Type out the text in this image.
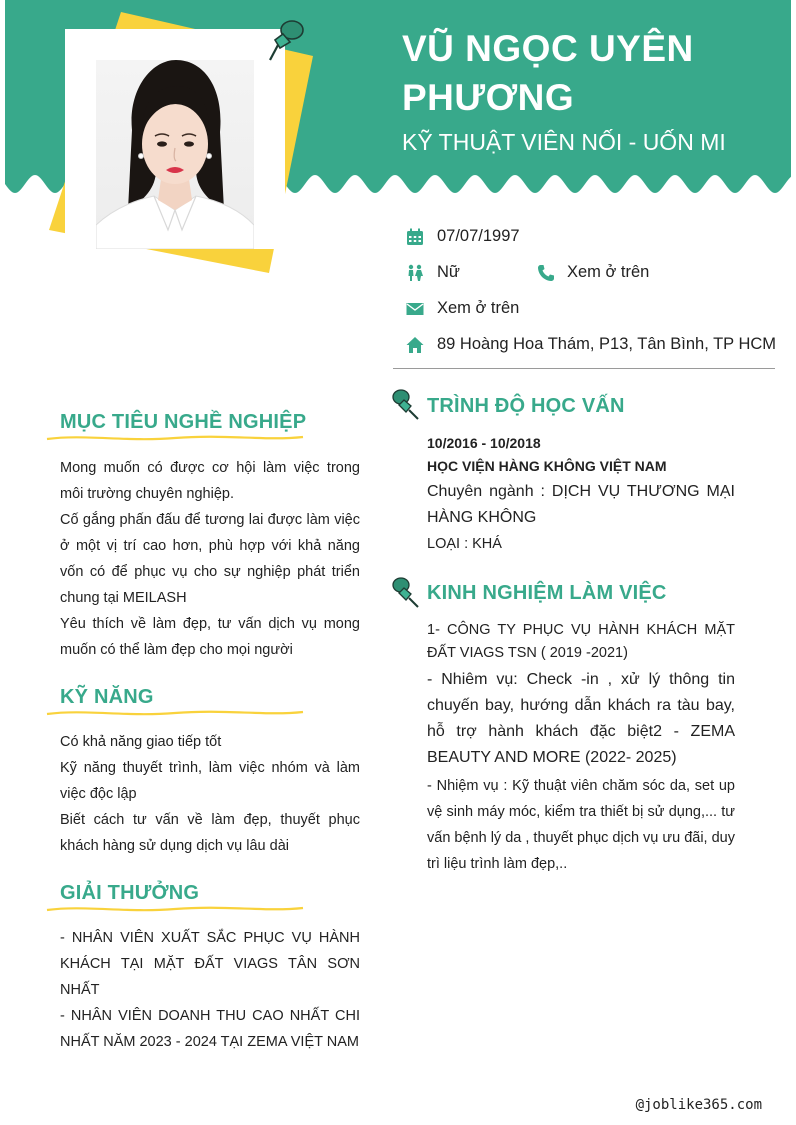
VŨ NGỌC UYÊN
PHƯƠNG
KỸ THUẬT VIÊN NỐI - UỐN MI
07/07/1997
Nữ	Xem ở trên
Xem ở trên
89 Hoàng Hoa Thám, P13, Tân Bình, TP HCM
MỤC TIÊU NGHỀ NGHIỆP

Mong muốn có được cơ hội làm việc trong môi trường chuyên nghiệp.

Cố gắng phấn đấu để tương lai được làm việc ở một vị trí cao hơn, phù hợp với khả năng vốn có để phục vụ cho sự nghiệp phát triển chung tại MEILASH

Yêu thích về làm đẹp, tư vấn dịch vụ mong muốn có thể làm đẹp cho mọi người

KỸ NĂNG

Có khả năng giao tiếp tốt

Kỹ năng thuyết trình, làm việc nhóm và làm việc độc lập

Biết cách tư vấn về làm đẹp, thuyết phục khách hàng sử dụng dịch vụ lâu dài

GIẢI THƯỞNG

- NHÂN VIÊN XUẤT SẮC PHỤC VỤ HÀNH KHÁCH TẠI MẶT ĐẤT VIAGS TÂN SƠN NHẤT

- NHÂN VIÊN DOANH THU CAO NHẤT CHI NHẤT NĂM 2023 - 2024 TẠI ZEMA VIỆT NAM

TRÌNH ĐỘ HỌC VẤN
10/2016 - 10/2018
HỌC VIỆN HÀNG KHÔNG VIỆT NAM

Chuyên ngành : DỊCH VỤ THƯƠNG MẠI HÀNG KHÔNG

LOẠI : KHÁ
KINH NGHIỆM LÀM VIỆC

1- CÔNG TY PHỤC VỤ HÀNH KHÁCH MẶT ĐẤT VIAGS TSN ( 2019 -2021)

- Nhiêm vụ: Check -in , xử lý thông tin chuyến bay, hướng dẫn khách ra tàu bay, hỗ trợ hành khách đặc biệt2 - ZEMA BEAUTY AND MORE (2022- 2025)

- Nhiệm vụ : Kỹ thuật viên chăm sóc da, set up vệ sinh máy móc, kiểm tra thiết bị sử dụng,... tư vấn bệnh lý da , thuyết phục dịch vụ ưu đãi, duy trì liệu trình làm đẹp,..

@joblike365.com
